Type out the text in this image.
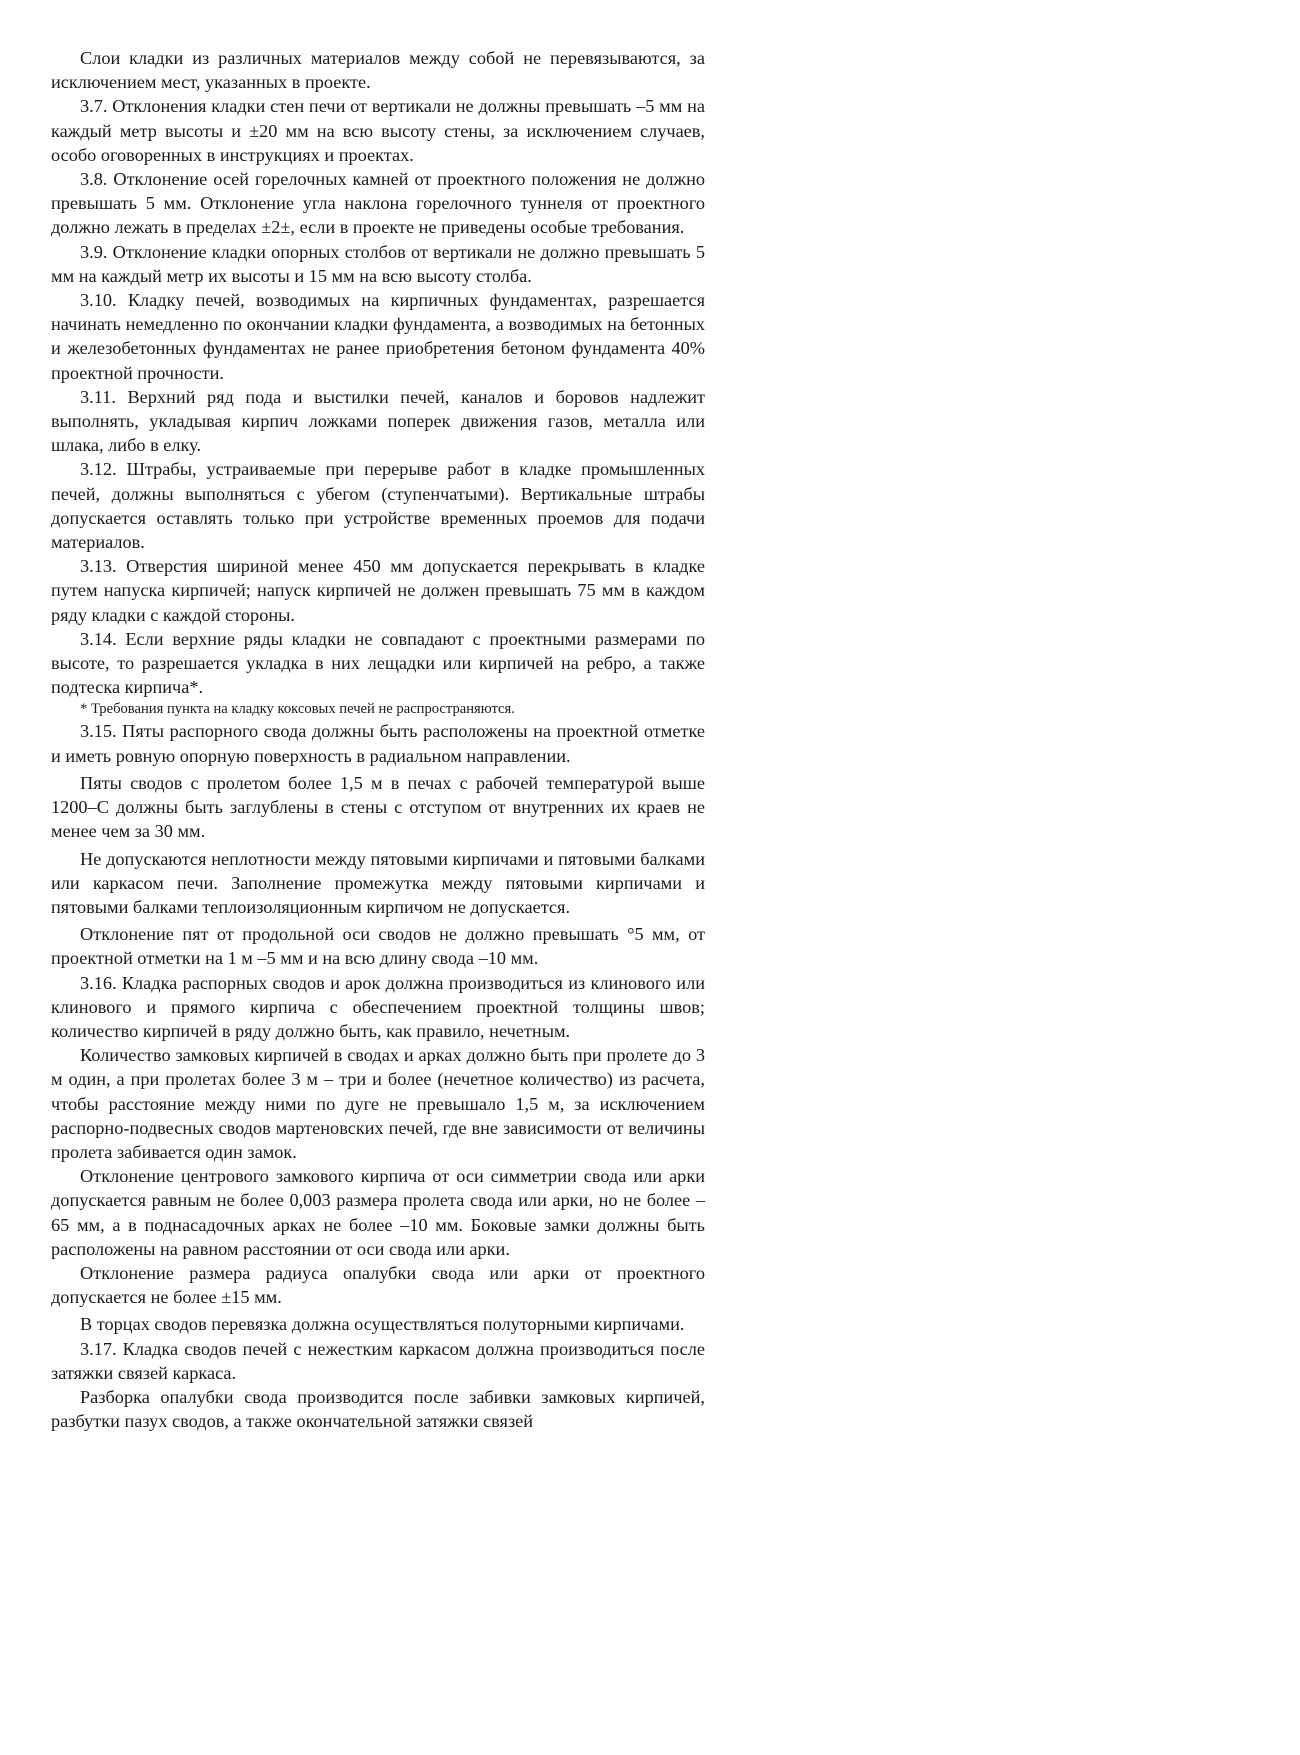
Слои кладки из различных материалов между собой не перевязываются, за исключением мест, указанных в проекте.

3.7. Отклонения кладки стен печи от вертикали не должны превышать –5 мм на каждый метр высоты и ±20 мм на всю высоту стены, за исключением случаев, особо оговоренных в инструкциях и проектах.

3.8. Отклонение осей горелочных камней от проектного положения не должно превышать 5 мм. Отклонение угла наклона горелочного туннеля от проектного должно лежать в пределах ±2±, если в проекте не приведены особые требования.

3.9. Отклонение кладки опорных столбов от вертикали не должно превышать 5 мм на каждый метр их высоты и 15 мм на всю высоту столба.

3.10. Кладку печей, возводимых на кирпичных фундаментах, разрешается начинать немедленно по окончании кладки фундамента, а возводимых на бетонных и железобетонных фундаментах не ранее приобретения бетоном фундамента 40% проектной прочности.

3.11. Верхний ряд пода и выстилки печей, каналов и боровов надлежит выполнять, укладывая кирпич ложками поперек движения газов, металла или шлака, либо в елку.

3.12. Штрабы, устраиваемые при перерыве работ в кладке промышленных печей, должны выполняться с убегом (ступенчатыми). Вертикальные штрабы допускается оставлять только при устройстве временных проемов для подачи материалов.

3.13. Отверстия шириной менее 450 мм допускается перекрывать в кладке путем напуска кирпичей; напуск кирпичей не должен превышать 75 мм в каждом ряду кладки с каждой стороны.

3.14. Если верхние ряды кладки не совпадают с проектными размерами по высоте, то разрешается укладка в них лещадки или кирпичей на ребро, а также подтеска кирпича*.

* Требования пункта на кладку коксовых печей не распространяются.

3.15. Пяты распорного свода должны быть расположены на проектной отметке и иметь ровную опорную поверхность в радиальном направлении.

Пяты сводов с пролетом более 1,5 м в печах с рабочей температурой выше 1200–С должны быть заглублены в стены с отступом от внутренних их краев не менее чем за 30 мм.

Не допускаются неплотности между пятовыми кирпичами и пятовыми балками или каркасом печи. Заполнение промежутка между пятовыми кирпичами и пятовыми балками теплоизоляционным кирпичом не допускается.

Отклонение пят от продольной оси сводов не должно превышать °5 мм, от проектной отметки на 1 м –5 мм и на всю длину свода –10 мм.

3.16. Кладка распорных сводов и арок должна производиться из клинового или клинового и прямого кирпича с обеспечением проектной толщины швов; количество кирпичей в ряду должно быть, как правило, нечетным.

Количество замковых кирпичей в сводах и арках должно быть при пролете до 3 м один, а при пролетах более 3 м – три и более (нечетное количество) из расчета, чтобы расстояние между ними по дуге не превышало 1,5 м, за исключением распорно-подвесных сводов мартеновских печей, где вне зависимости от величины пролета забивается один замок.

Отклонение центрового замкового кирпича от оси симметрии свода или арки допускается равным не более 0,003 размера пролета свода или арки, но не более –65 мм, а в поднасадочных арках не более –10 мм. Боковые замки должны быть расположены на равном расстоянии от оси свода или арки.

Отклонение размера радиуса опалубки свода или арки от проектного допускается не более ±15 мм.

В торцах сводов перевязка должна осуществляться полуторными кирпичами.

3.17. Кладка сводов печей с нежестким каркасом должна производиться после затяжки связей каркаса.

Разборка опалубки свода производится после забивки замковых кирпичей, разбутки пазух сводов, а также окончательной затяжки связей
